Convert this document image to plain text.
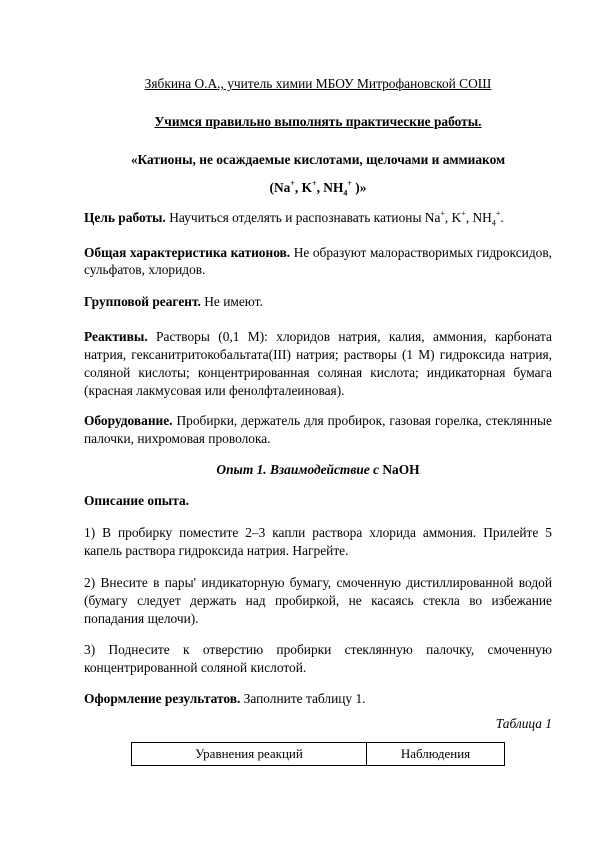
Зябкина О.А., учитель химии МБОУ Митрофановской СОШ
Учимся правильно выполнять практические работы.
«Катионы, не осаждаемые кислотами, щелочами и аммиаком
(Na+, K+, $NH_4^+$ )»
Цель работы. Научиться отделять и распознавать катионы Na+, K+, $NH_4^+$.
Общая характеристика катионов. Не образуют малорастворимых гидроксидов, сульфатов, хлоридов.
Групповой реагент. Не имеют.
Реактивы. Растворы (0,1 М): хлоридов натрия, калия, аммония, карбоната натрия, гексанитритокобальтата(III) натрия; растворы (1 М) гидроксида натрия, соляной кислоты; концентрированная соляная кислота; индикаторная бумага (красная лакмусовая или фенолфталеиновая).
Оборудование. Пробирки, держатель для пробирок, газовая горелка, стеклянные палочки, нихромовая проволока.
Опыт 1. Взаимодействие с NaOH
Описание опыта.
1) В пробирку поместите 2–3 капли раствора хлорида аммония. Прилейте 5 капель раствора гидроксида натрия. Нагрейте.
2) Внесите в пары' индикаторную бумагу, смоченную дистиллированной водой (бумагу следует держать над пробиркой, не касаясь стекла во избежание попадания щелочи).
3) Поднесите к отверстию пробирки стеклянную палочку, смоченную концентрированной соляной кислотой.
Оформление результатов. Заполните таблицу 1.
Таблица 1
Уравнения реакций	Наблюдения
